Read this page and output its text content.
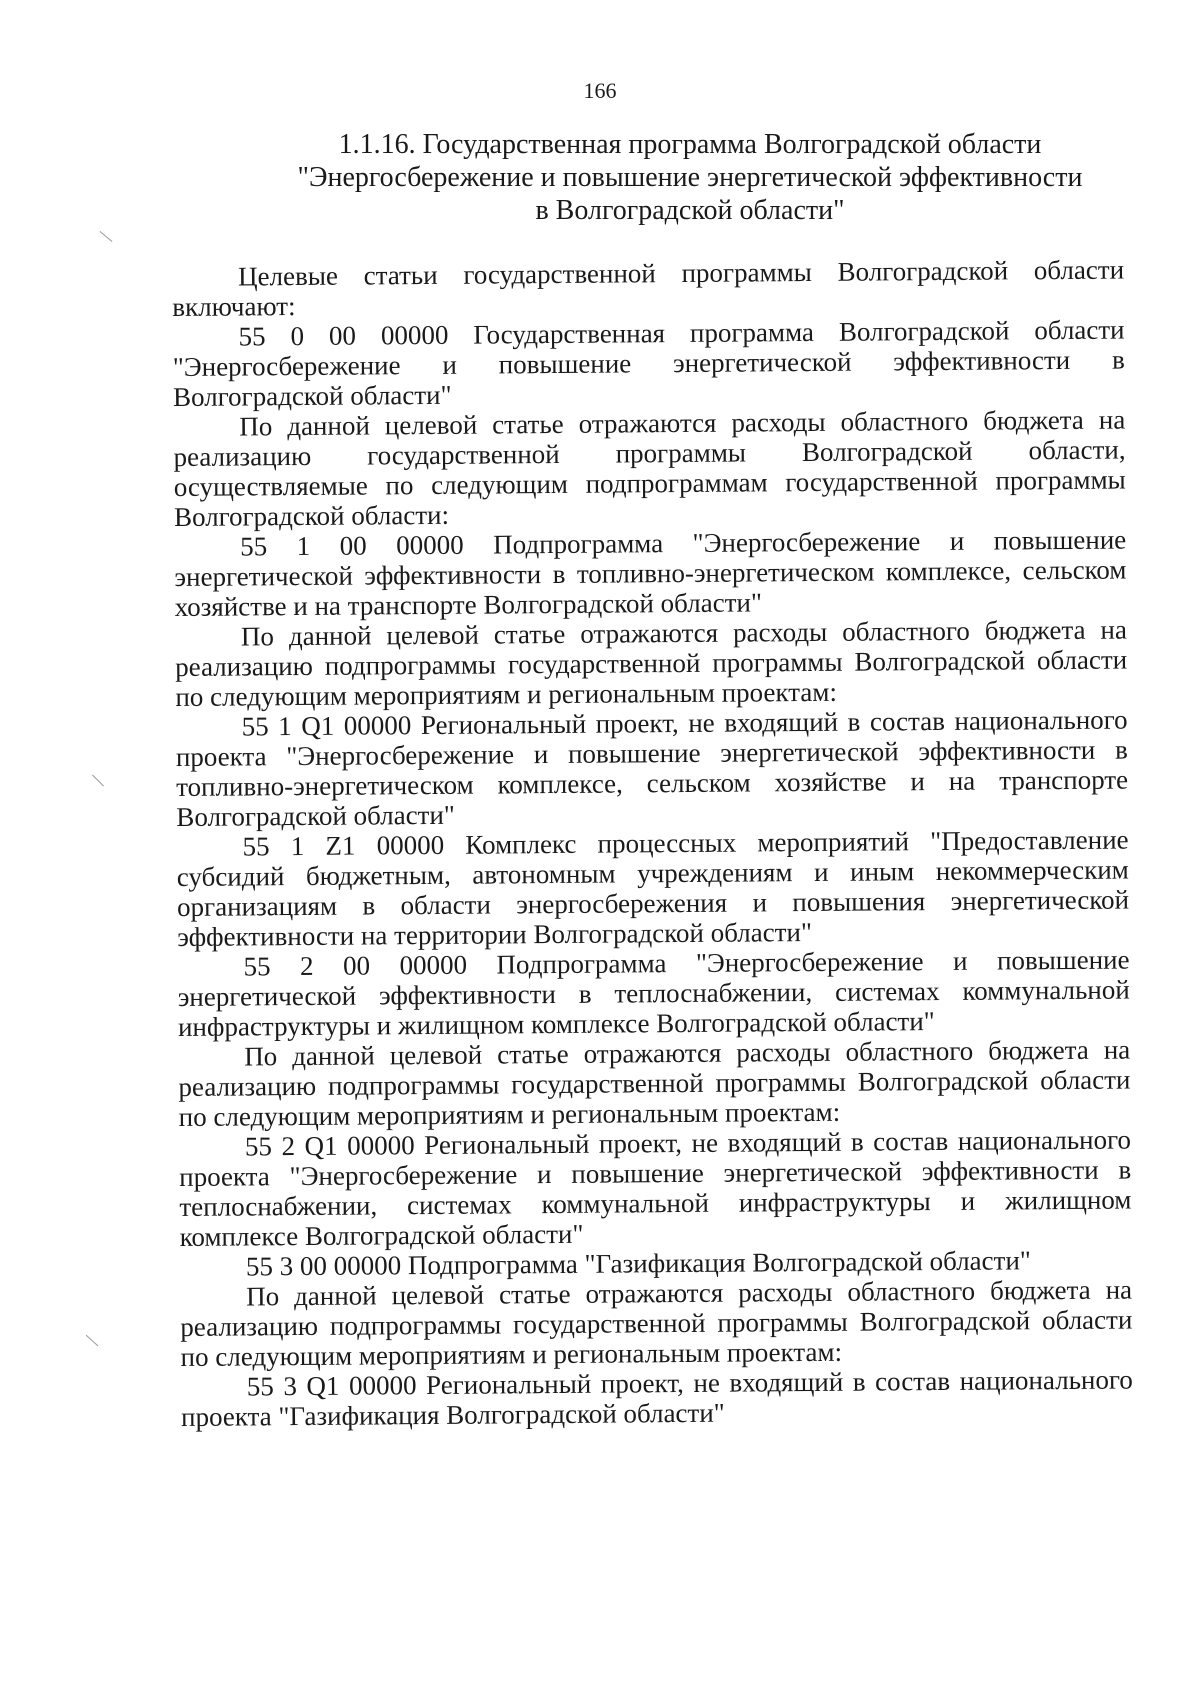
166

1.1.16. Государственная программа Волгоградской области
"Энергосбережение и повышение энергетической эффективности
в Волгоградской области"

Целевые статьи государственной программы Волгоградской области включают:

55 0 00 00000 Государственная программа Волгоградской области "Энергосбережение и повышение энергетической эффективности в Волгоградской области"

По данной целевой статье отражаются расходы областного бюджета на реализацию государственной программы Волгоградской области, осуществляемые по следующим подпрограммам государственной программы Волгоградской области:

55 1 00 00000 Подпрограмма "Энергосбережение и повышение энергетической эффективности в топливно-энергетическом комплексе, сельском хозяйстве и на транспорте Волгоградской области"

По данной целевой статье отражаются расходы областного бюджета на реализацию подпрограммы государственной программы Волгоградской области по следующим мероприятиям и региональным проектам:

55 1 Q1 00000 Региональный проект, не входящий в состав национального проекта "Энергосбережение и повышение энергетической эффективности в топливно-энергетическом комплексе, сельском хозяйстве и на транспорте Волгоградской области"

55 1 Z1 00000 Комплекс процессных мероприятий "Предоставление субсидий бюджетным, автономным учреждениям и иным некоммерческим организациям в области энергосбережения и повышения энергетической эффективности на территории Волгоградской области"

55 2 00 00000 Подпрограмма "Энергосбережение и повышение энергетической эффективности в теплоснабжении, системах коммунальной инфраструктуры и жилищном комплексе Волгоградской области"

По данной целевой статье отражаются расходы областного бюджета на реализацию подпрограммы государственной программы Волгоградской области по следующим мероприятиям и региональным проектам:

55 2 Q1 00000 Региональный проект, не входящий в состав национального проекта "Энергосбережение и повышение энергетической эффективности в теплоснабжении, системах коммунальной инфраструктуры и жилищном комплексе Волгоградской области"

55 3 00 00000 Подпрограмма "Газификация Волгоградской области"

По данной целевой статье отражаются расходы областного бюджета на реализацию подпрограммы государственной программы Волгоградской области по следующим мероприятиям и региональным проектам:

55 3 Q1 00000 Региональный проект, не входящий в состав национального проекта "Газификация Волгоградской области"
